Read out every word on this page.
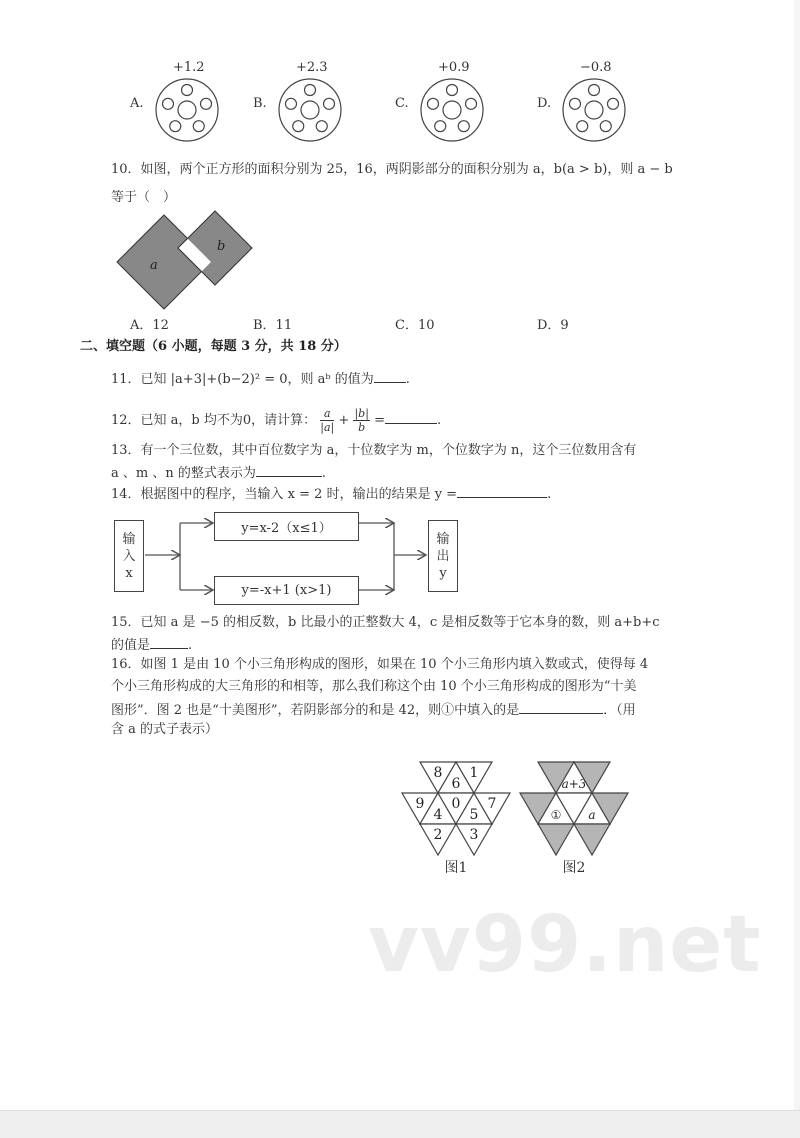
A.
+1.2
B.
+2.3
C.
+0.9
D.
−0.8
10．如图，两个正方形的面积分别为 25，16，两阴影部分的面积分别为 a，b(a > b)，则 a − b
等于（　）
a
b
A．12	B．11	C．10	D．9
二、填空题（6 小题，每题 3 分，共 18 分）
11．已知 |a+3|+(b−2)² = 0，则 aᵇ 的值为 .
12．已知 a，b 均不为0，请计算： $\frac{a}{|a|} + \frac{|b|}{b}$ =	.
13．有一个三位数，其中百位数字为 a，十位数字为 m，个位数字为 n，这个三位数用含有
a 、m 、n 的整式表示为	.
14．根据图中的程序，当输入 x = 2 时，输出的结果是 y =	.
输
入
x
y=x-2（x≤1）
y=-x+1 (x>1)
输
出
y
15．已知 a 是 −5 的相反数，b 比最小的正整数大 4，c 是相反数等于它本身的数，则 a+b+c
的值是	.
16．如图 1 是由 10 个小三角形构成的图形，如果在 10 个小三角形内填入数或式，使得每 4
个小三角形构成的大三角形的和相等，那么我们称这个由 10 个小三角形构成的图形为“十美
图形”．图 2 也是“十美图形”，若阴影部分的和是 42，则①中填入的是	．（用
含 a 的式子表示）
8
6
1
9
4
0
5
7
2 3
a+3
① a
图1	图2
vv99.net
